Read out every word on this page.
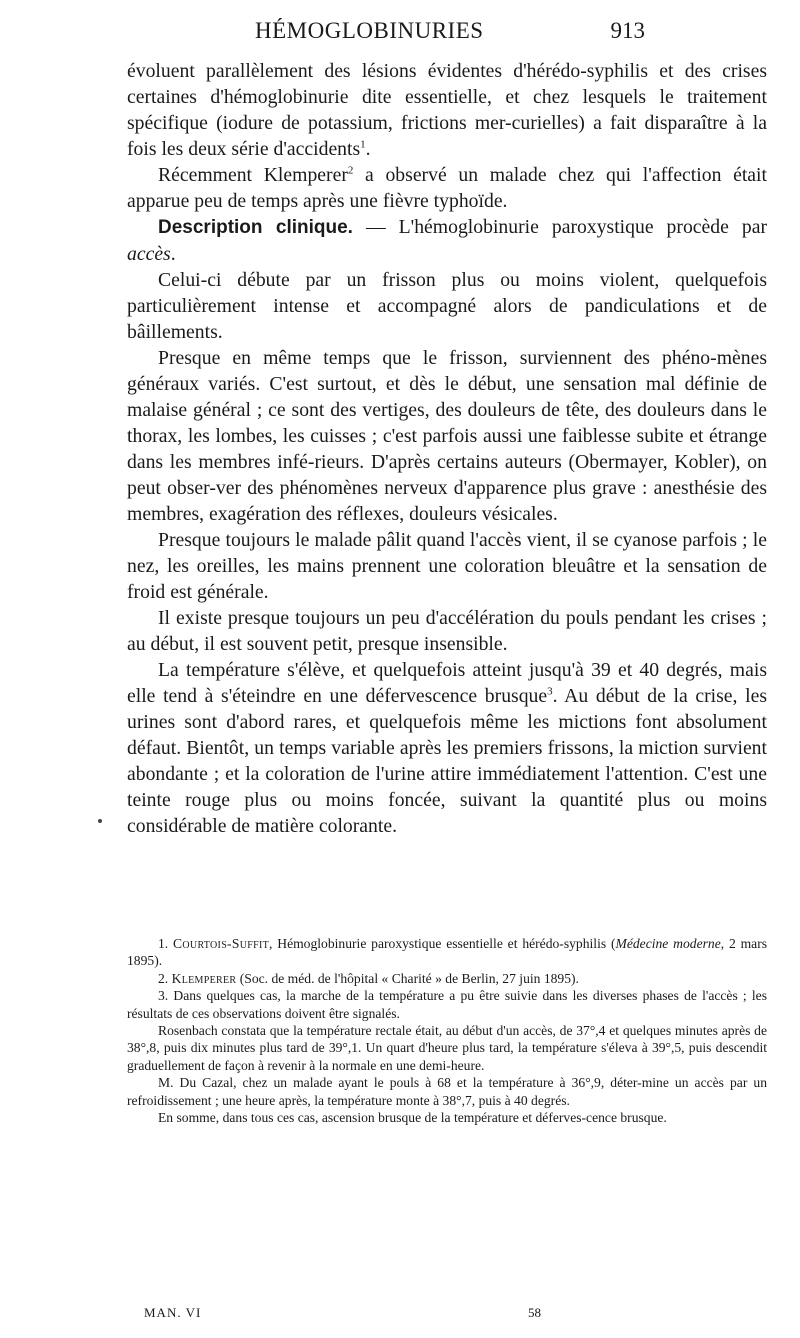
HÉMOGLOBINURIES	913

évoluent parallèlement des lésions évidentes d'hérédo-syphilis et des crises certaines d'hémoglobinurie dite essentielle, et chez lesquels le traitement spécifique (iodure de potassium, frictions mer-curielles) a fait disparaître à la fois les deux série d'accidents$^1$.

Récemment Klemperer$^2$ a observé un malade chez qui l'affection était apparue peu de temps après une fièvre typhoïde.

Description clinique. — L'hémoglobinurie paroxystique procède par accès.

Celui-ci débute par un frisson plus ou moins violent, quelquefois particulièrement intense et accompagné alors de pandiculations et de bâillements.

Presque en même temps que le frisson, surviennent des phéno-mènes généraux variés. C'est surtout, et dès le début, une sensation mal définie de malaise général ; ce sont des vertiges, des douleurs de tête, des douleurs dans le thorax, les lombes, les cuisses ; c'est parfois aussi une faiblesse subite et étrange dans les membres infé-rieurs. D'après certains auteurs (Obermayer, Kobler), on peut obser-ver des phénomènes nerveux d'apparence plus grave : anesthésie des membres, exagération des réflexes, douleurs vésicales.

Presque toujours le malade pâlit quand l'accès vient, il se cyanose parfois ; le nez, les oreilles, les mains prennent une coloration bleuâtre et la sensation de froid est générale.

Il existe presque toujours un peu d'accélération du pouls pendant les crises ; au début, il est souvent petit, presque insensible.

La température s'élève, et quelquefois atteint jusqu'à 39 et 40 degrés, mais elle tend à s'éteindre en une défervescence brusque$^3$. Au début de la crise, les urines sont d'abord rares, et quelquefois même les mictions font absolument défaut. Bientôt, un temps variable après les premiers frissons, la miction survient abondante ; et la coloration de l'urine attire immédiatement l'attention. C'est une teinte rouge plus ou moins foncée, suivant la quantité plus ou moins considérable de matière colorante.

1. Courtois-Suffit, Hémoglobinurie paroxystique essentielle et hérédo-syphilis (Médecine moderne, 2 mars 1895).

2. Klemperer (Soc. de méd. de l'hôpital « Charité » de Berlin, 27 juin 1895).

3. Dans quelques cas, la marche de la température a pu être suivie dans les diverses phases de l'accès ; les résultats de ces observations doivent être signalés.

Rosenbach constata que la température rectale était, au début d'un accès, de 37°,4 et quelques minutes après de 38°,8, puis dix minutes plus tard de 39°,1. Un quart d'heure plus tard, la température s'éleva à 39°,5, puis descendit graduellement de façon à revenir à la normale en une demi-heure.

M. Du Cazal, chez un malade ayant le pouls à 68 et la température à 36°,9, déter-mine un accès par un refroidissement ; une heure après, la température monte à 38°,7, puis à 40 degrés.

En somme, dans tous ces cas, ascension brusque de la température et déferves-cence brusque.

MAN. VI	58
